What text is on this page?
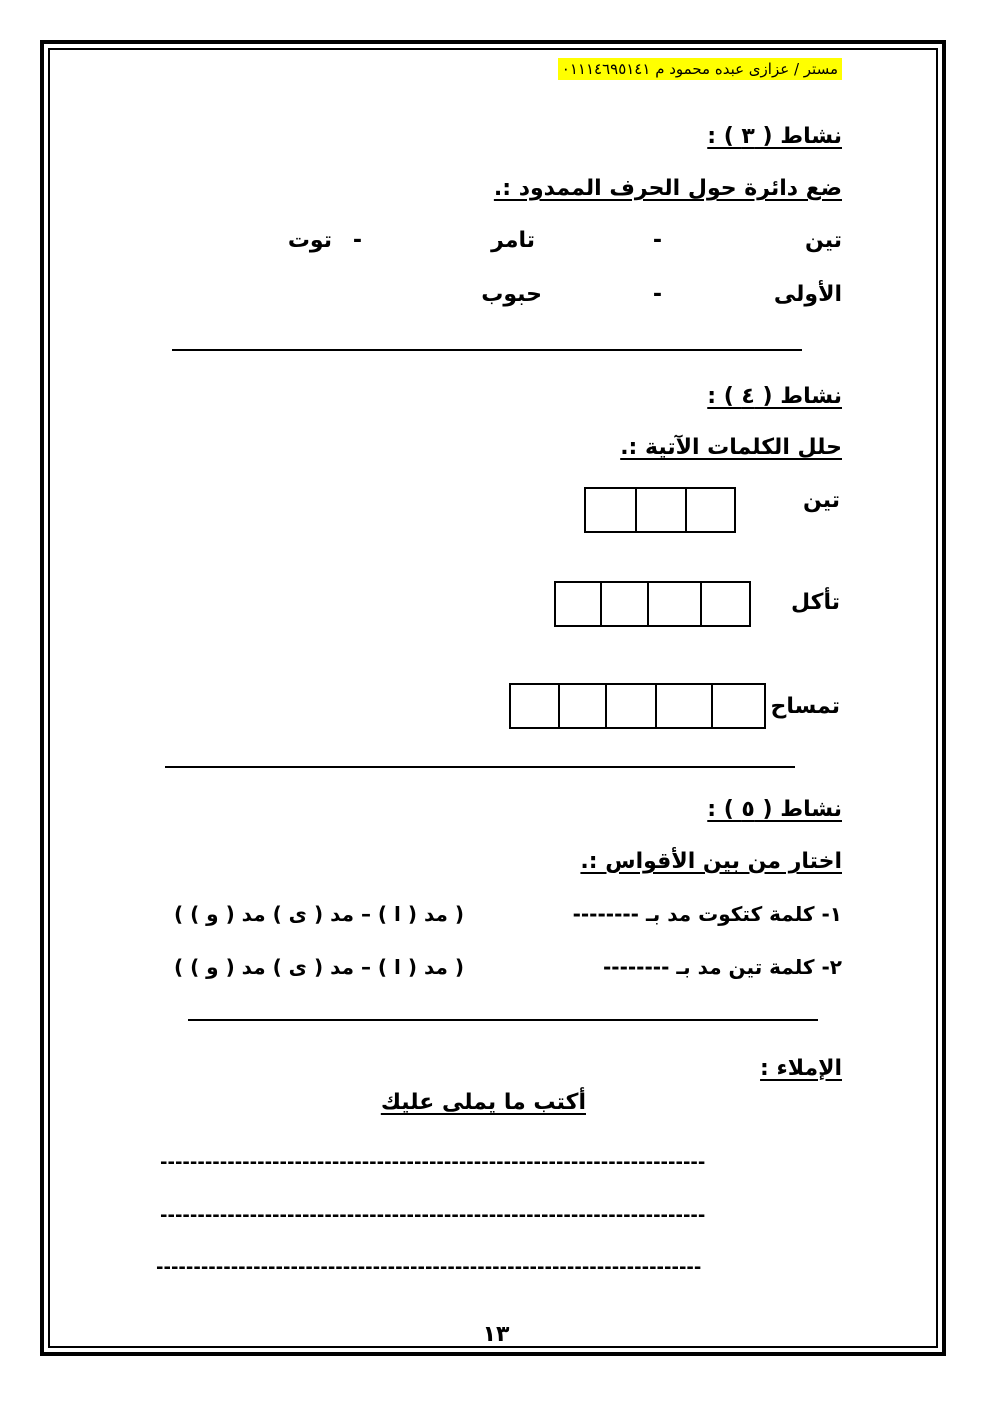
مستر / عزازى عبده محمود م ٠١١١٤٦٩٥١٤١
نشاط ( ٣ ) :
ضع دائرة حول الحرف الممدود :.
تين
-
تامر
-
توت
الأولى
-
حبوب
نشاط ( ٤ ) :
حلل الكلمات الآتية :.
تين
تأكل
تمساح
نشاط ( ٥ ) :
اختار من بين الأقواس :.
١- كلمة كتكوت مد بـ --------
( مد ( ا ) – مد ( ى ) مد ( و ) )
٢- كلمة تين مد بـ --------
( مد ( ا ) – مد ( ى ) مد ( و ) )
الإملاء :
أكتب ما يملى عليك
-------------------------------------------------------------------------
-------------------------------------------------------------------------
-------------------------------------------------------------------------
١٣
